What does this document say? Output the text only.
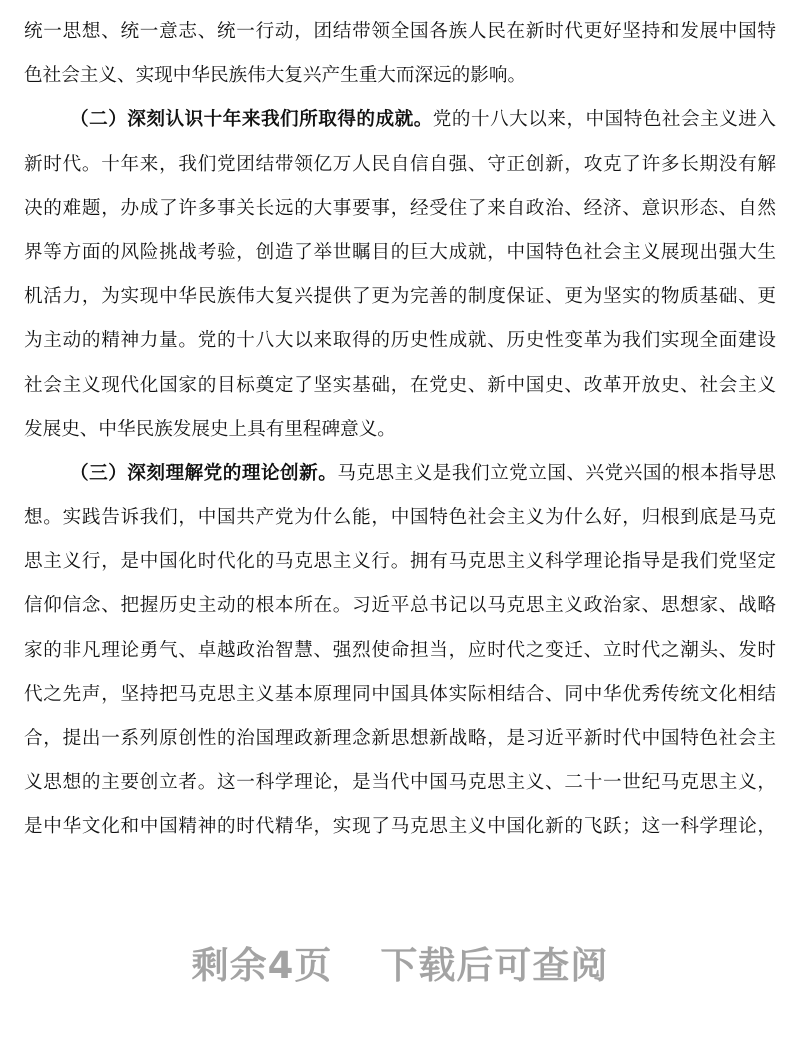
统一思想、统一意志、统一行动，团结带领全国各族人民在新时代更好坚持和发展中国特
色社会主义、实现中华民族伟大复兴产生重大而深远的影响。
（二）深刻认识十年来我们所取得的成就。党的十八大以来，中国特色社会主义进入
新时代。十年来，我们党团结带领亿万人民自信自强、守正创新，攻克了许多长期没有解
决的难题，办成了许多事关长远的大事要事，经受住了来自政治、经济、意识形态、自然
界等方面的风险挑战考验，创造了举世瞩目的巨大成就，中国特色社会主义展现出强大生
机活力，为实现中华民族伟大复兴提供了更为完善的制度保证、更为坚实的物质基础、更
为主动的精神力量。党的十八大以来取得的历史性成就、历史性变革为我们实现全面建设
社会主义现代化国家的目标奠定了坚实基础，在党史、新中国史、改革开放史、社会主义
发展史、中华民族发展史上具有里程碑意义。
（三）深刻理解党的理论创新。马克思主义是我们立党立国、兴党兴国的根本指导思
想。实践告诉我们，中国共产党为什么能，中国特色社会主义为什么好，归根到底是马克
思主义行，是中国化时代化的马克思主义行。拥有马克思主义科学理论指导是我们党坚定
信仰信念、把握历史主动的根本所在。习近平总书记以马克思主义政治家、思想家、战略
家的非凡理论勇气、卓越政治智慧、强烈使命担当，应时代之变迁、立时代之潮头、发时
代之先声，坚持把马克思主义基本原理同中国具体实际相结合、同中华优秀传统文化相结
合，提出一系列原创性的治国理政新理念新思想新战略，是习近平新时代中国特色社会主
义思想的主要创立者。这一科学理论，是当代中国马克思主义、二十一世纪马克思主义，
是中华文化和中国精神的时代精华，实现了马克思主义中国化新的飞跃；这一科学理论，
剩余4页 下载后可查阅
